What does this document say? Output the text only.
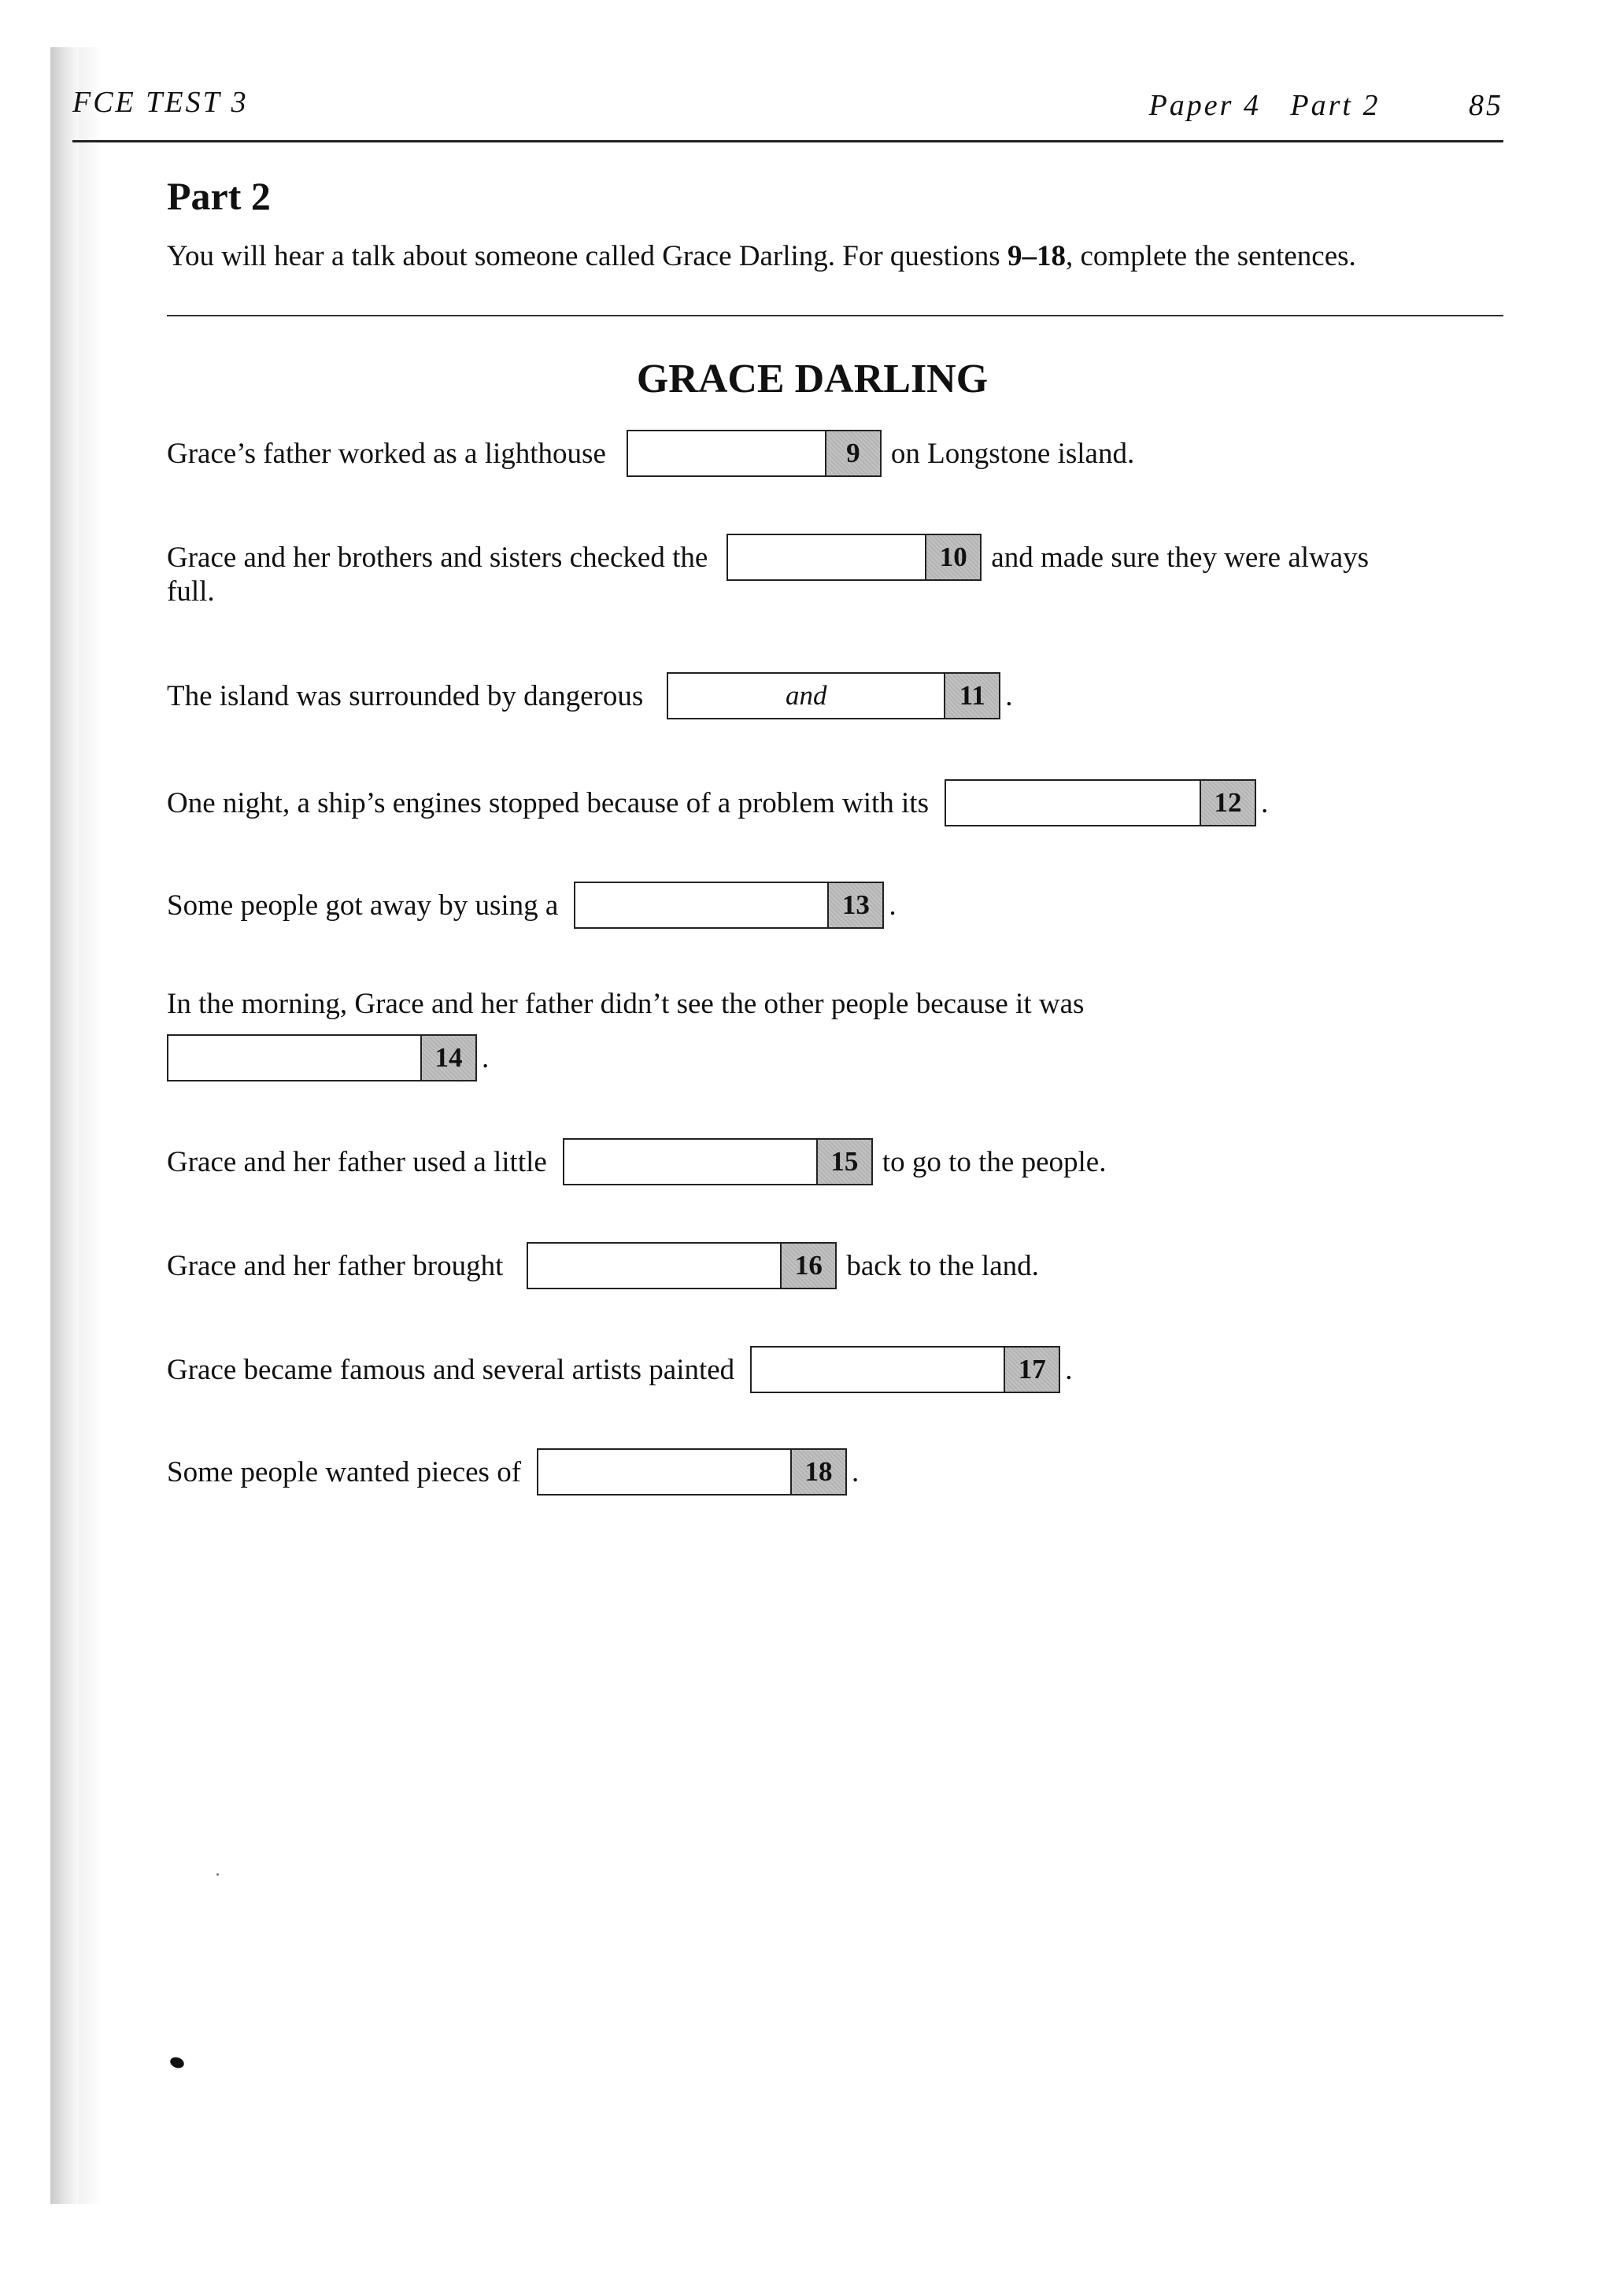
FCE TEST 3	Paper 4   Part 2         85
Part 2
You will hear a talk about someone called Grace Darling. For questions 9–18, complete the sentences.
GRACE DARLING
Grace’s father worked as a lighthouse	9	on Longstone island.
Grace and her brothers and sisters checked the	10 and made sure they were always
full.
The island was surrounded by dangerous	and	11 .
One night, a ship’s engines stopped because of a problem with its	12 .
Some people got away by using a	13 .
In the morning, Grace and her father didn’t see the other people because it was
14 .
Grace and her father used a little	15 to go to the people.
Grace and her father brought	16 back to the land.
Grace became famous and several artists painted	17 .
Some people wanted pieces of	18 .
